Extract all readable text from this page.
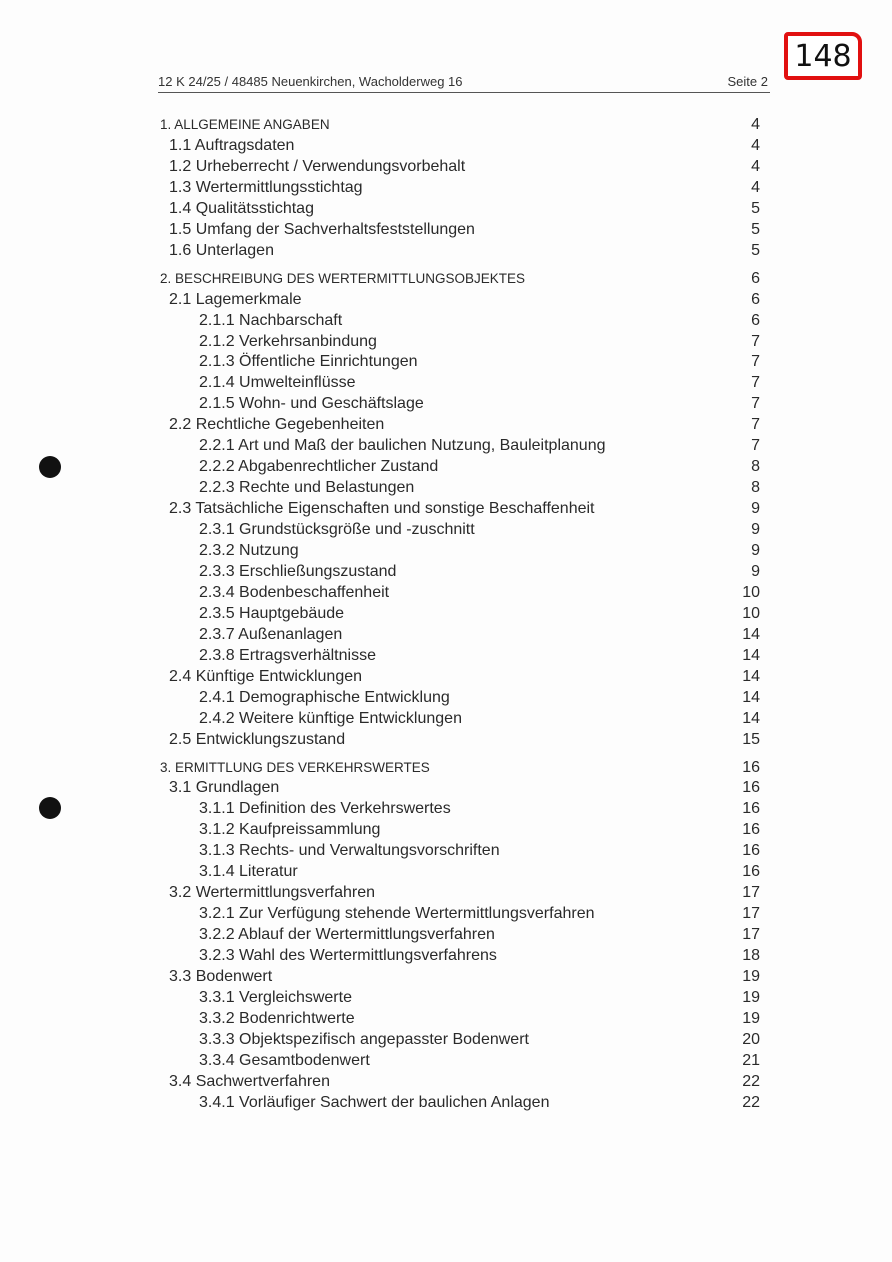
148
12 K 24/25 / 48485 Neuenkirchen, Wacholderweg 16	Seite 2
1. ALLGEMEINE ANGABEN	4
1.1 Auftragsdaten	4
1.2 Urheberrecht / Verwendungsvorbehalt	4
1.3 Wertermittlungsstichtag	4
1.4 Qualitätsstichtag	5
1.5 Umfang der Sachverhaltsfeststellungen	5
1.6 Unterlagen	5
2. BESCHREIBUNG DES WERTERMITTLUNGSOBJEKTES	6
2.1 Lagemerkmale	6
2.1.1 Nachbarschaft	6
2.1.2 Verkehrsanbindung	7
2.1.3 Öffentliche Einrichtungen	7
2.1.4 Umwelteinflüsse	7
2.1.5 Wohn- und Geschäftslage	7
2.2 Rechtliche Gegebenheiten	7
2.2.1 Art und Maß der baulichen Nutzung, Bauleitplanung	7
2.2.2 Abgabenrechtlicher Zustand	8
2.2.3 Rechte und Belastungen	8
2.3 Tatsächliche Eigenschaften und sonstige Beschaffenheit	9
2.3.1 Grundstücksgröße und -zuschnitt	9
2.3.2 Nutzung	9
2.3.3 Erschließungszustand	9
2.3.4 Bodenbeschaffenheit	10
2.3.5 Hauptgebäude	10
2.3.7 Außenanlagen	14
2.3.8 Ertragsverhältnisse	14
2.4 Künftige Entwicklungen	14
2.4.1 Demographische Entwicklung	14
2.4.2 Weitere künftige Entwicklungen	14
2.5 Entwicklungszustand	15
3. ERMITTLUNG DES VERKEHRSWERTES	16
3.1 Grundlagen	16
3.1.1 Definition des Verkehrswertes	16
3.1.2 Kaufpreissammlung	16
3.1.3 Rechts- und Verwaltungsvorschriften	16
3.1.4 Literatur	16
3.2 Wertermittlungsverfahren	17
3.2.1 Zur Verfügung stehende Wertermittlungsverfahren	17
3.2.2 Ablauf der Wertermittlungsverfahren	17
3.2.3 Wahl des Wertermittlungsverfahrens	18
3.3 Bodenwert	19
3.3.1 Vergleichswerte	19
3.3.2 Bodenrichtwerte	19
3.3.3 Objektspezifisch angepasster Bodenwert	20
3.3.4 Gesamtbodenwert	21
3.4 Sachwertverfahren	22
3.4.1 Vorläufiger Sachwert der baulichen Anlagen	22
